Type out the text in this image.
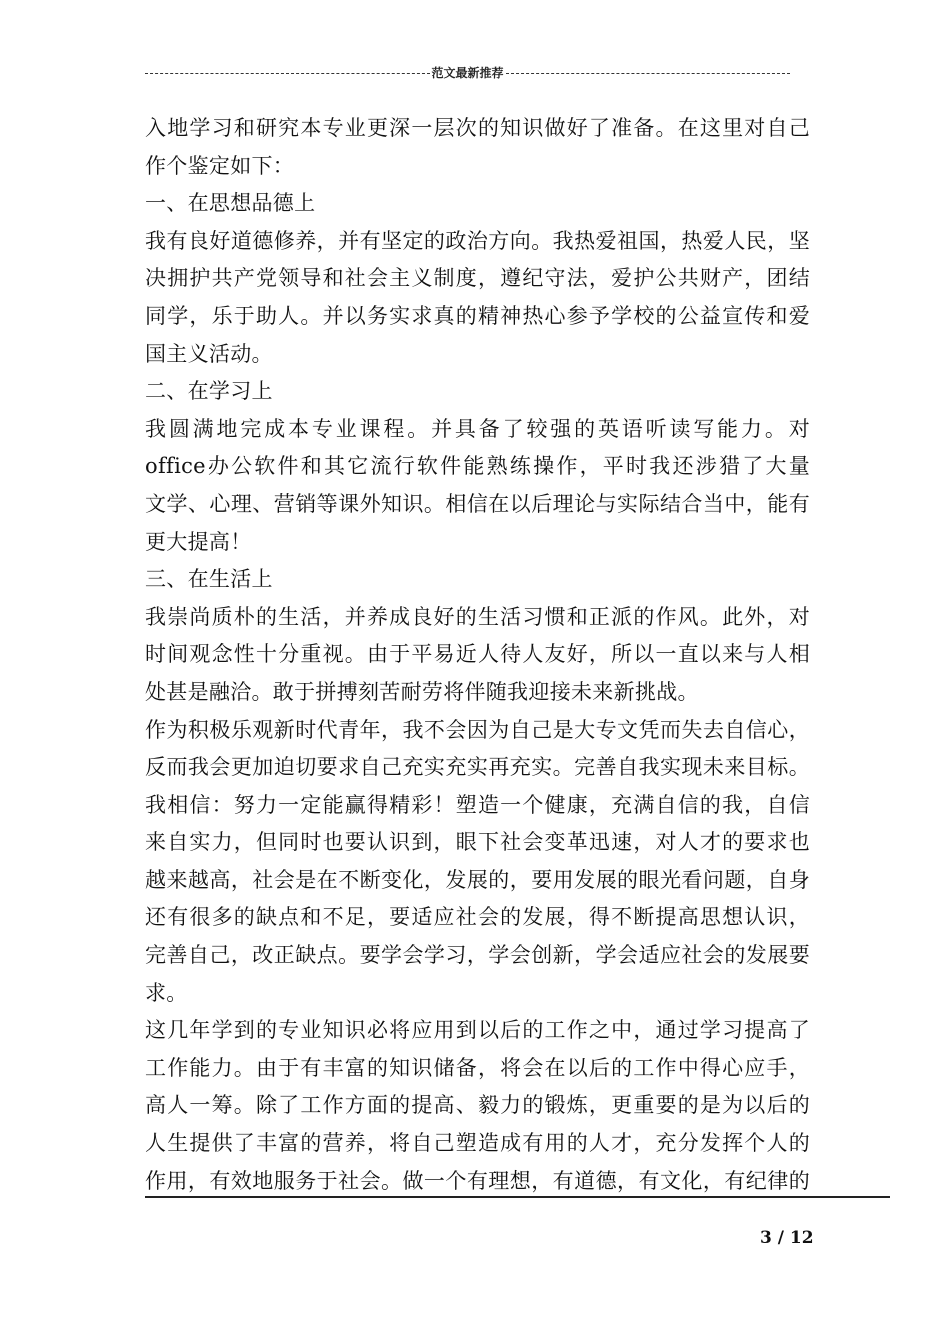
范文最新推荐
入地学习和研究本专业更深一层次的知识做好了准备。在这里对自己
作个鉴定如下：
一、在思想品德上
我有良好道德修养，并有坚定的政治方向。我热爱祖国，热爱人民，坚
决拥护共产党领导和社会主义制度，遵纪守法，爱护公共财产，团结
同学，乐于助人。并以务实求真的精神热心参予学校的公益宣传和爱
国主义活动。
二、在学习上
我圆满地完成本专业课程。并具备了较强的英语听读写能力。对
office办公软件和其它流行软件能熟练操作，平时我还涉猎了大量
文学、心理、营销等课外知识。相信在以后理论与实际结合当中，能有
更大提高！
三、在生活上
我崇尚质朴的生活，并养成良好的生活习惯和正派的作风。此外，对
时间观念性十分重视。由于平易近人待人友好，所以一直以来与人相
处甚是融洽。敢于拼搏刻苦耐劳将伴随我迎接未来新挑战。
作为积极乐观新时代青年，我不会因为自己是大专文凭而失去自信心，
反而我会更加迫切要求自己充实充实再充实。完善自我实现未来目标。
我相信：努力一定能赢得精彩！塑造一个健康，充满自信的我，自信
来自实力，但同时也要认识到，眼下社会变革迅速，对人才的要求也
越来越高，社会是在不断变化，发展的，要用发展的眼光看问题，自身
还有很多的缺点和不足，要适应社会的发展，得不断提高思想认识，
完善自己，改正缺点。要学会学习，学会创新，学会适应社会的发展要
求。
这几年学到的专业知识必将应用到以后的工作之中，通过学习提高了
工作能力。由于有丰富的知识储备，将会在以后的工作中得心应手，
高人一筹。除了工作方面的提高、毅力的锻炼，更重要的是为以后的
人生提供了丰富的营养，将自己塑造成有用的人才，充分发挥个人的
作用，有效地服务于社会。做一个有理想，有道德，有文化，有纪律的
3 / 12
